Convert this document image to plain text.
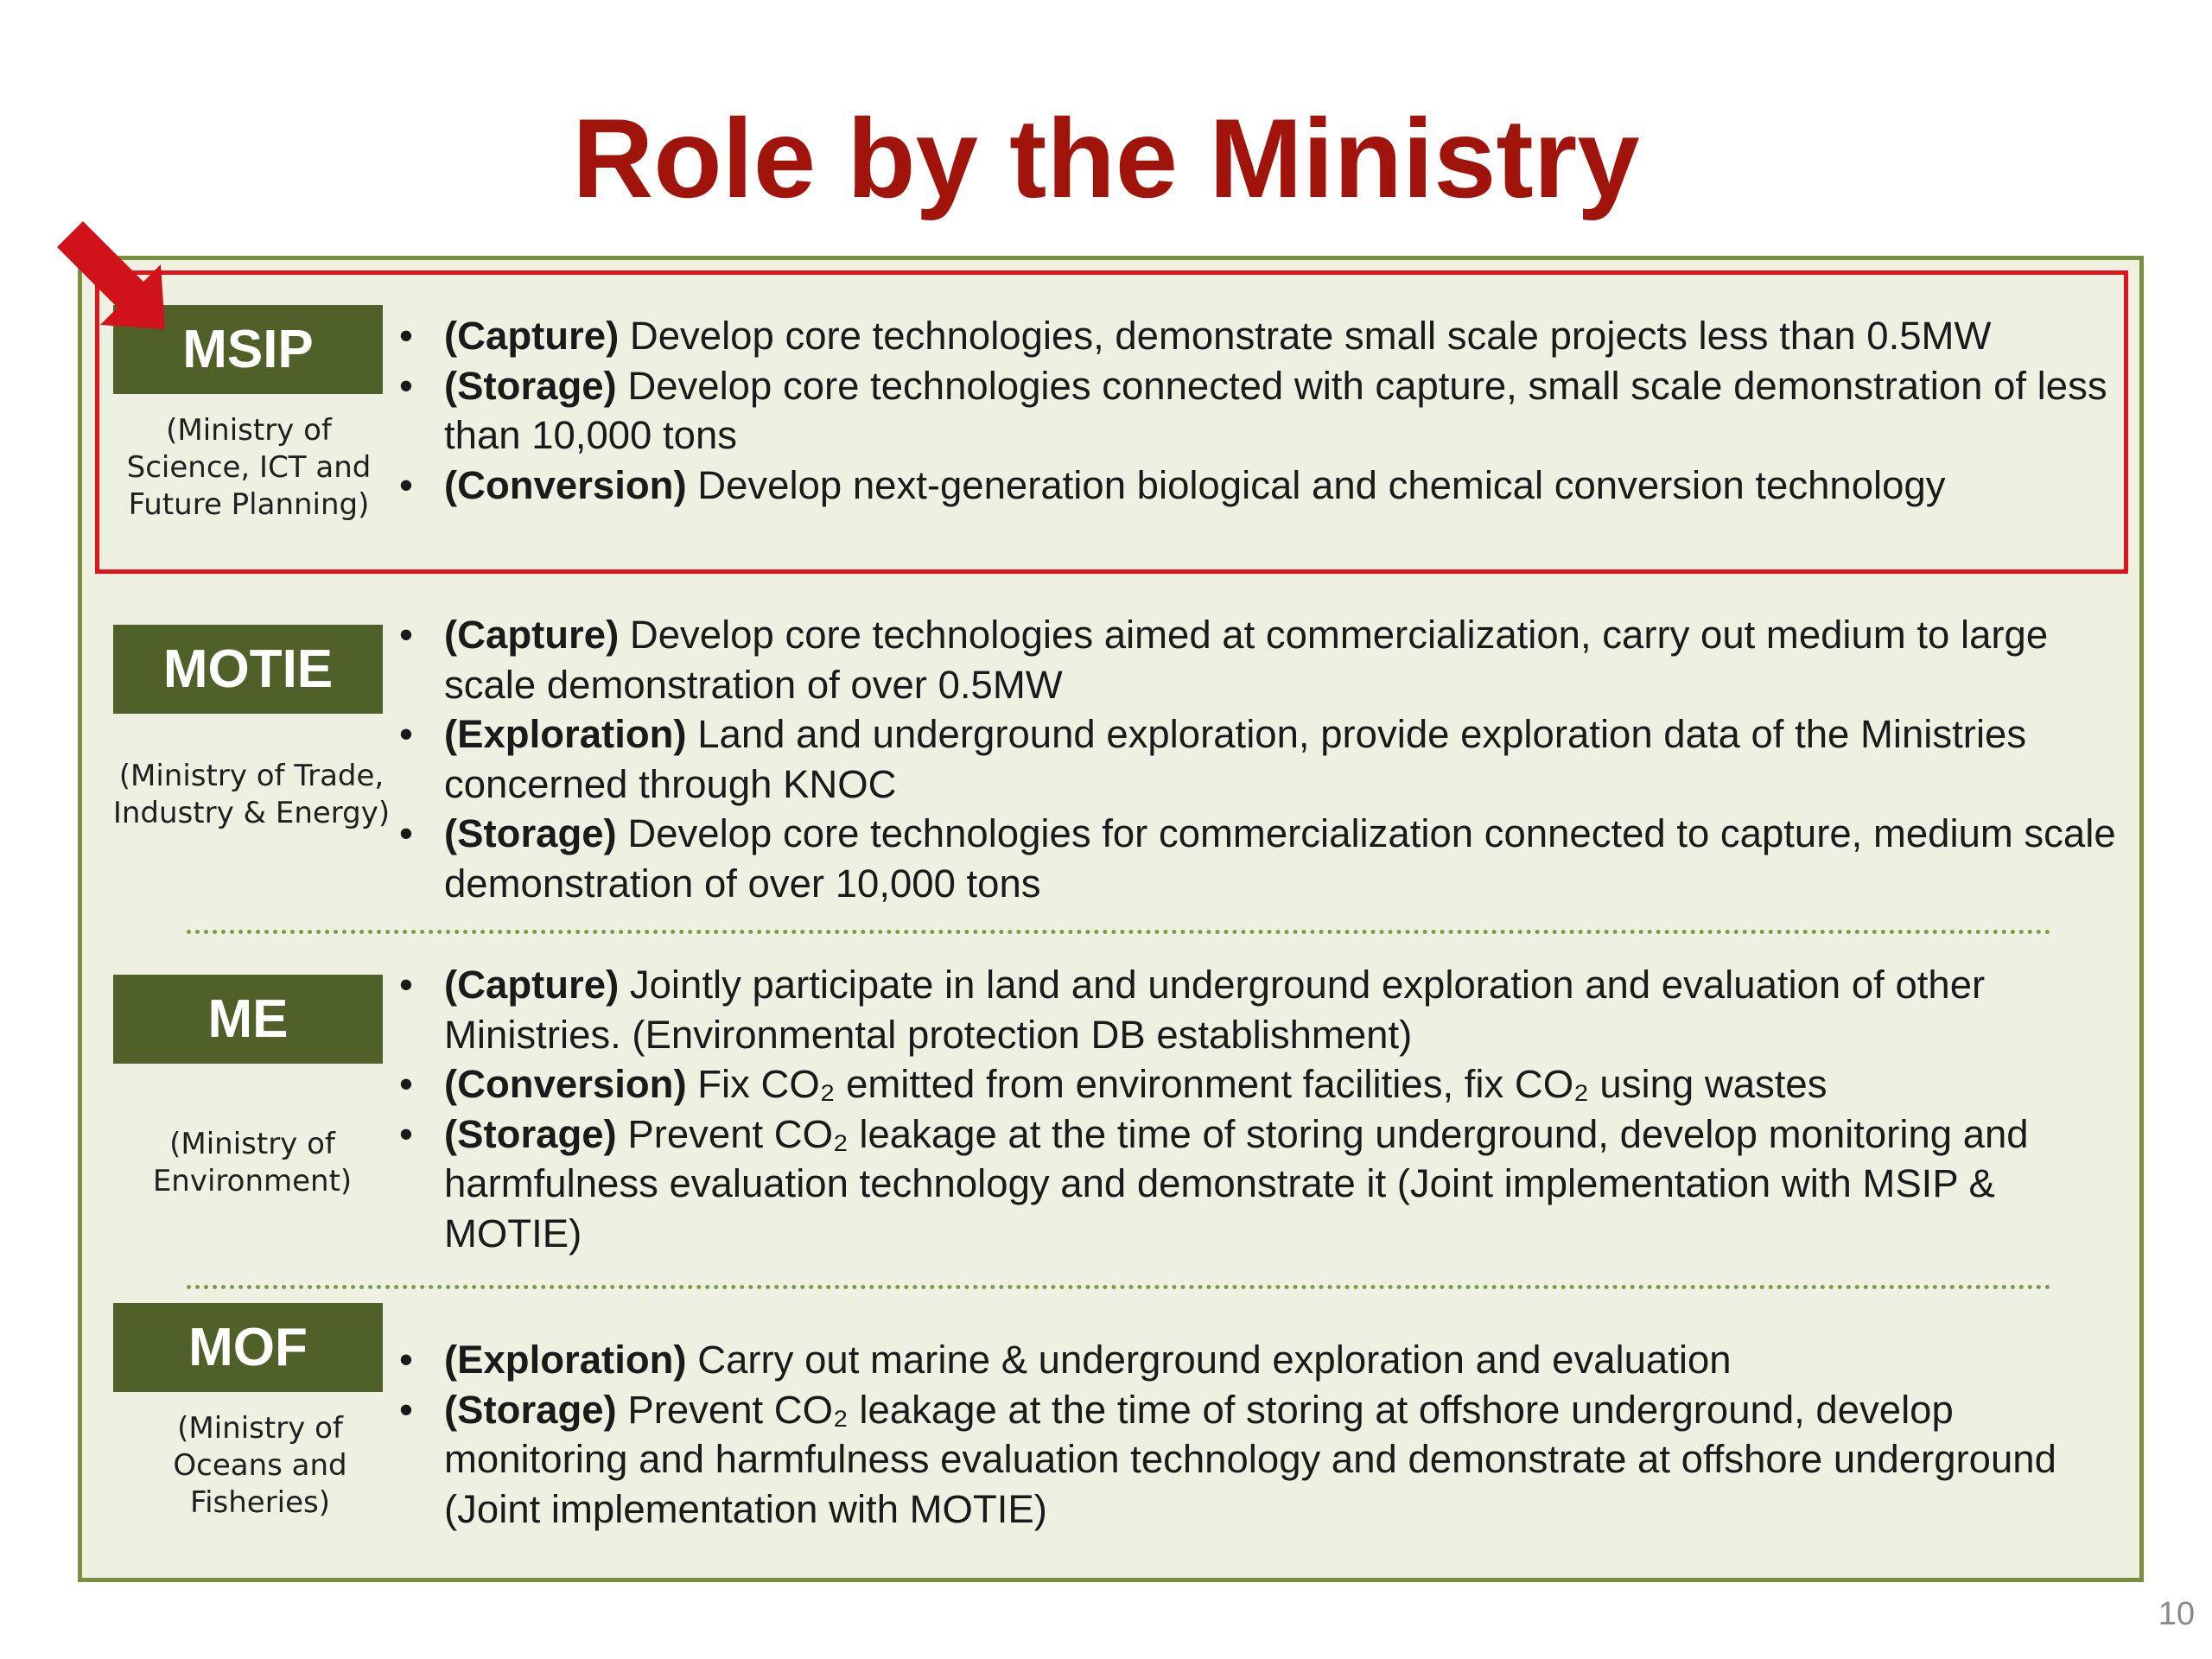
Role by the Ministry
MSIP
(Ministry of Science, ICT and Future Planning)
• (Capture) Develop core technologies, demonstrate small scale projects less than 0.5MW
• (Storage) Develop core technologies connected with capture, small scale demonstration of less than 10,000 tons
• (Conversion) Develop next-generation biological and chemical conversion technology
MOTIE
(Ministry of Trade, Industry & Energy)
• (Capture) Develop core technologies aimed at commercialization, carry out medium to large scale demonstration of over 0.5MW
• (Exploration) Land and underground exploration, provide exploration data of the Ministries concerned through KNOC
• (Storage) Develop core technologies for commercialization connected to capture, medium scale demonstration of over 10,000 tons
ME
(Ministry of Environment)
• (Capture) Jointly participate in land and underground exploration and evaluation of other Ministries. (Environmental protection DB establishment)
• (Conversion) Fix CO₂ emitted from environment facilities, fix CO₂ using wastes
• (Storage) Prevent CO₂ leakage at the time of storing underground, develop monitoring and harmfulness evaluation technology and demonstrate it (Joint implementation with MSIP & MOTIE)
MOF
(Ministry of Oceans and Fisheries)
• (Exploration) Carry out marine & underground exploration and evaluation
• (Storage) Prevent CO₂ leakage at the time of storing at offshore underground, develop monitoring and harmfulness evaluation technology and demonstrate at offshore underground (Joint implementation with MOTIE)
10
